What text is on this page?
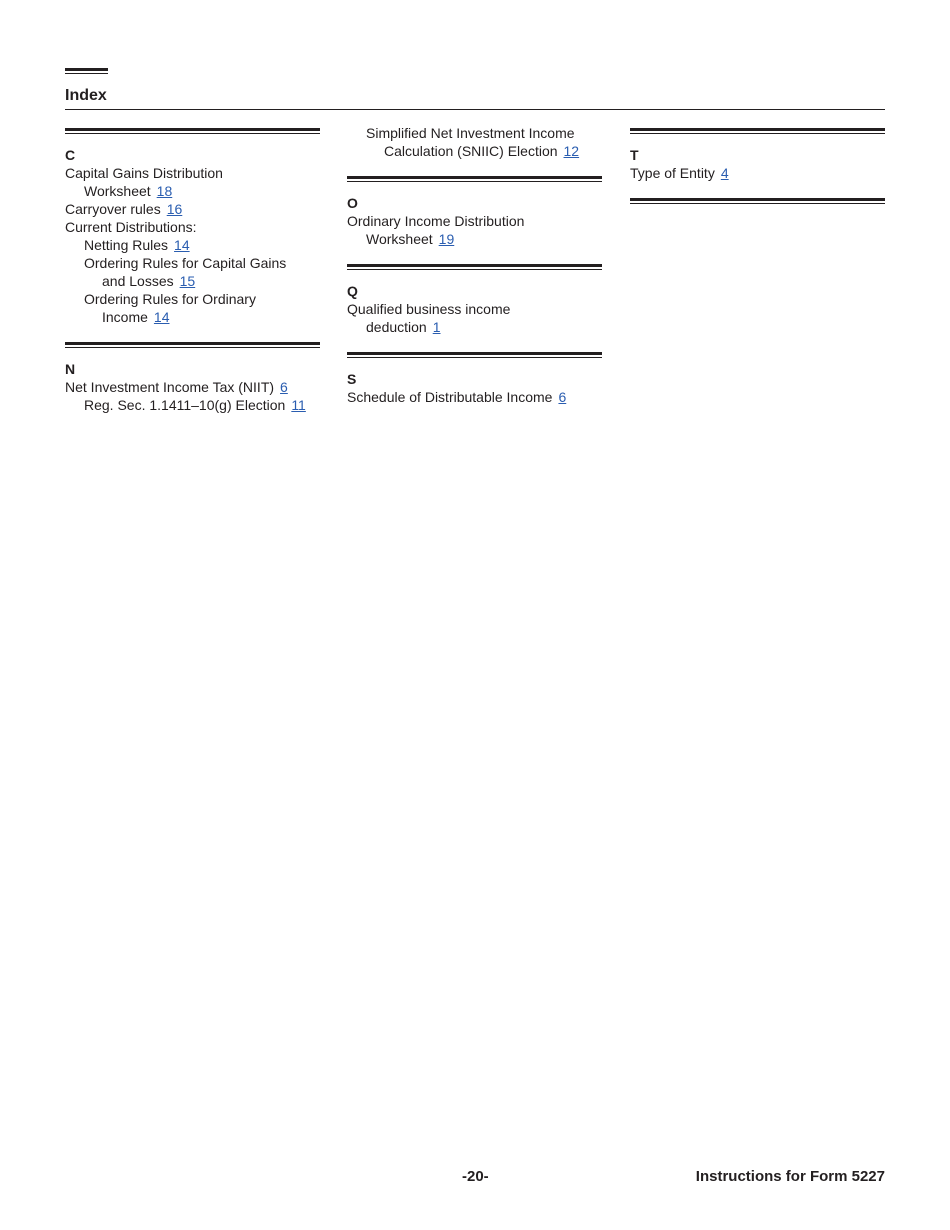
Index
C
Capital Gains Distribution
Worksheet 18
Carryover rules 16
Current Distributions:
Netting Rules 14
Ordering Rules for Capital Gains
and Losses 15
Ordering Rules for Ordinary
Income 14
N
Net Investment Income Tax (NIIT) 6
Reg. Sec. 1.1411–10(g) Election 11
Simplified Net Investment Income
Calculation (SNIIC) Election 12
O
Ordinary Income Distribution
Worksheet 19
Q
Qualified business income
deduction 1
S
Schedule of Distributable Income 6
T
Type of Entity 4
-20-	Instructions for Form 5227
